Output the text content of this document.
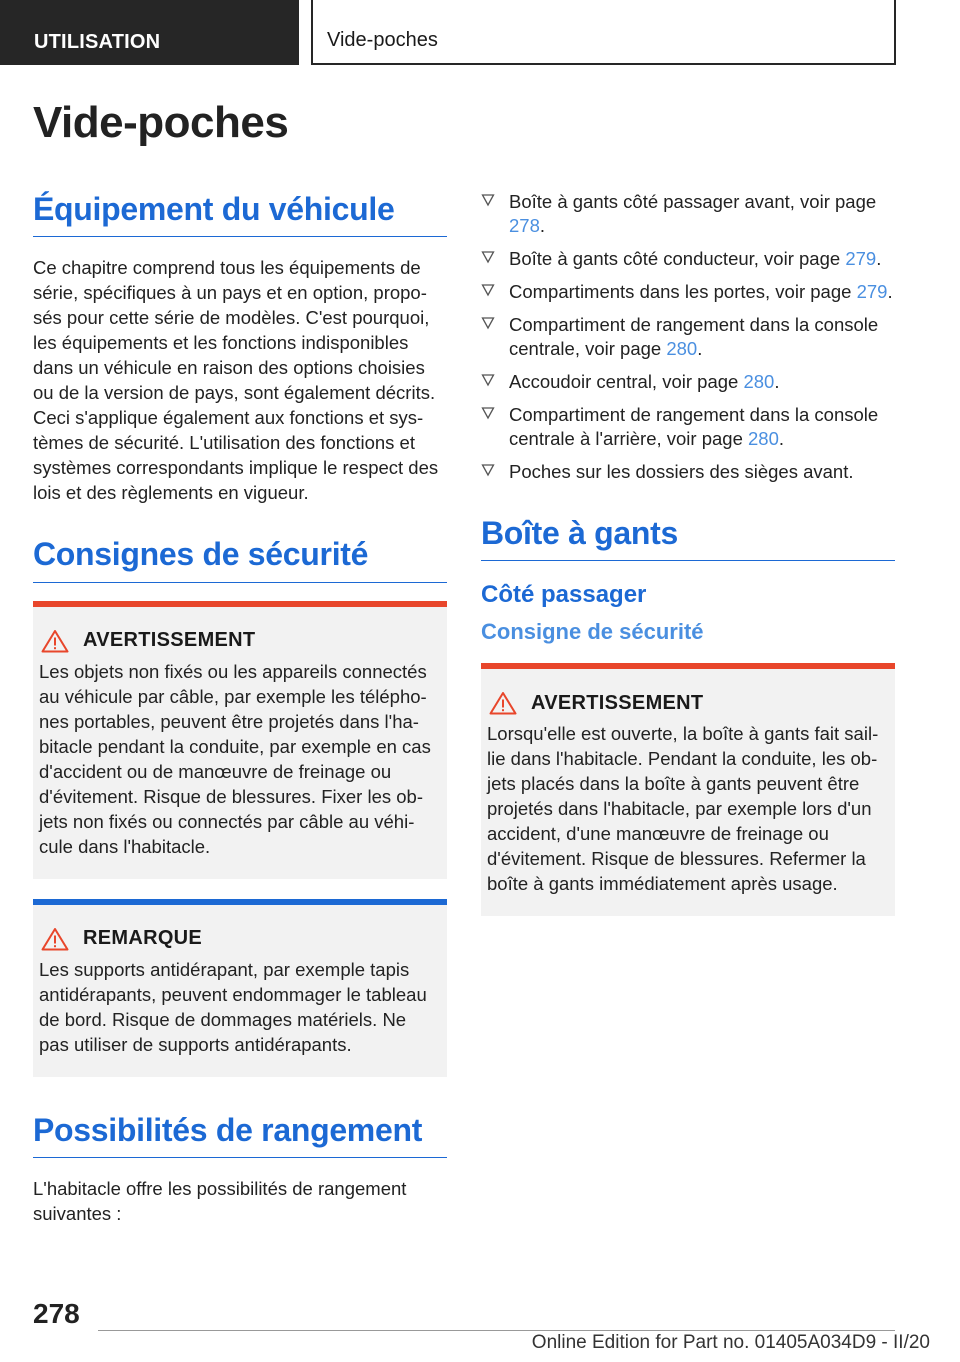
UTILISATION	Vide-poches
Vide-poches
Équipement du véhicule

Ce chapitre comprend tous les équipements de série, spécifiques à un pays et en option, proposés pour cette série de modèles. C'est pourquoi, les équipements et les fonctions indisponibles dans un véhicule en raison des options choisies ou de la version de pays, sont également décrits. Ceci s'applique également aux fonctions et systèmes de sécurité. L'utilisation des fonctions et systèmes correspondants implique le respect des lois et des règlements en vigueur.

Consignes de sécurité
AVERTISSEMENT

Les objets non fixés ou les appareils connectés au véhicule par câble, par exemple les téléphones portables, peuvent être projetés dans l'habitacle pendant la conduite, par exemple en cas d'accident ou de manœuvre de freinage ou d'évitement. Risque de blessures. Fixer les objets non fixés ou connectés par câble au véhicule dans l'habitacle.

REMARQUE

Les supports antidérapant, par exemple tapis antidérapants, peuvent endommager le tableau de bord. Risque de dommages matériels. Ne pas utiliser de supports antidérapants.

Possibilités de rangement

L'habitacle offre les possibilités de rangement suivantes :

Boîte à gants côté passager avant, voir page 278.
Boîte à gants côté conducteur, voir page 279.
Compartiments dans les portes, voir page 279.
Compartiment de rangement dans la console centrale, voir page 280.
Accoudoir central, voir page 280.
Compartiment de rangement dans la console centrale à l'arrière, voir page 280.
Poches sur les dossiers des sièges avant.
Boîte à gants
Côté passager
Consigne de sécurité
AVERTISSEMENT

Lorsqu'elle est ouverte, la boîte à gants fait saillie dans l'habitacle. Pendant la conduite, les objets placés dans la boîte à gants peuvent être projetés dans l'habitacle, par exemple lors d'un accident, d'une manœuvre de freinage ou d'évitement. Risque de blessures. Refermer la boîte à gants immédiatement après usage.

278
Online Edition for Part no. 01405A034D9 - II/20
